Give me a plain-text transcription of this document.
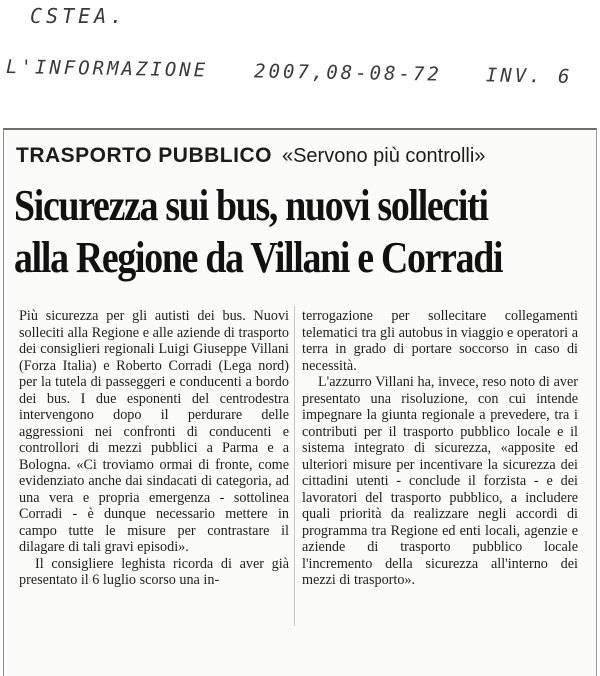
CSTEA.
L'INFORMAZIONE 2007,08-08-72 INV. 6
TRASPORTO PUBBLICO «Servono più controlli»
Sicurezza sui bus, nuovi solleciti
alla Regione da Villani e Corradi

Più sicurezza per gli autisti dei bus. Nuovi solleciti alla Regione e alle aziende di trasporto dei consiglieri regionali Luigi Giuseppe Villani (Forza Italia) e Roberto Corradi (Lega nord) per la tutela di passeggeri e conducenti a bordo dei bus. I due esponenti del centrodestra intervengono dopo il perdurare delle aggressioni nei confronti di conducenti e controllori di mezzi pubblici a Parma e a Bologna. «Ci troviamo ormai di fronte, come evidenziato anche dai sindacati di categoria, ad una vera e propria emergenza - sottolinea Corradi - è dunque necessario mettere in campo tutte le misure per contrastare il dilagare di tali gravi episodi».

Il consigliere leghista ricorda di aver già presentato il 6 luglio scorso una in-

terrogazione per sollecitare collegamenti telematici tra gli autobus in viaggio e operatori a terra in grado di portare soccorso in caso di necessità.

L'azzurro Villani ha, invece, reso noto di aver presentato una risoluzione, con cui intende impegnare la giunta regionale a prevedere, tra i contributi per il trasporto pubblico locale e il sistema integrato di sicurezza, «apposite ed ulteriori misure per incentivare la sicurezza dei cittadini utenti - conclude il forzista - e dei lavoratori del trasporto pubblico, a includere quali priorità da realizzare negli accordi di programma tra Regione ed enti locali, agenzie e aziende di trasporto pubblico locale l'incremento della sicurezza all'interno dei mezzi di trasporto».
